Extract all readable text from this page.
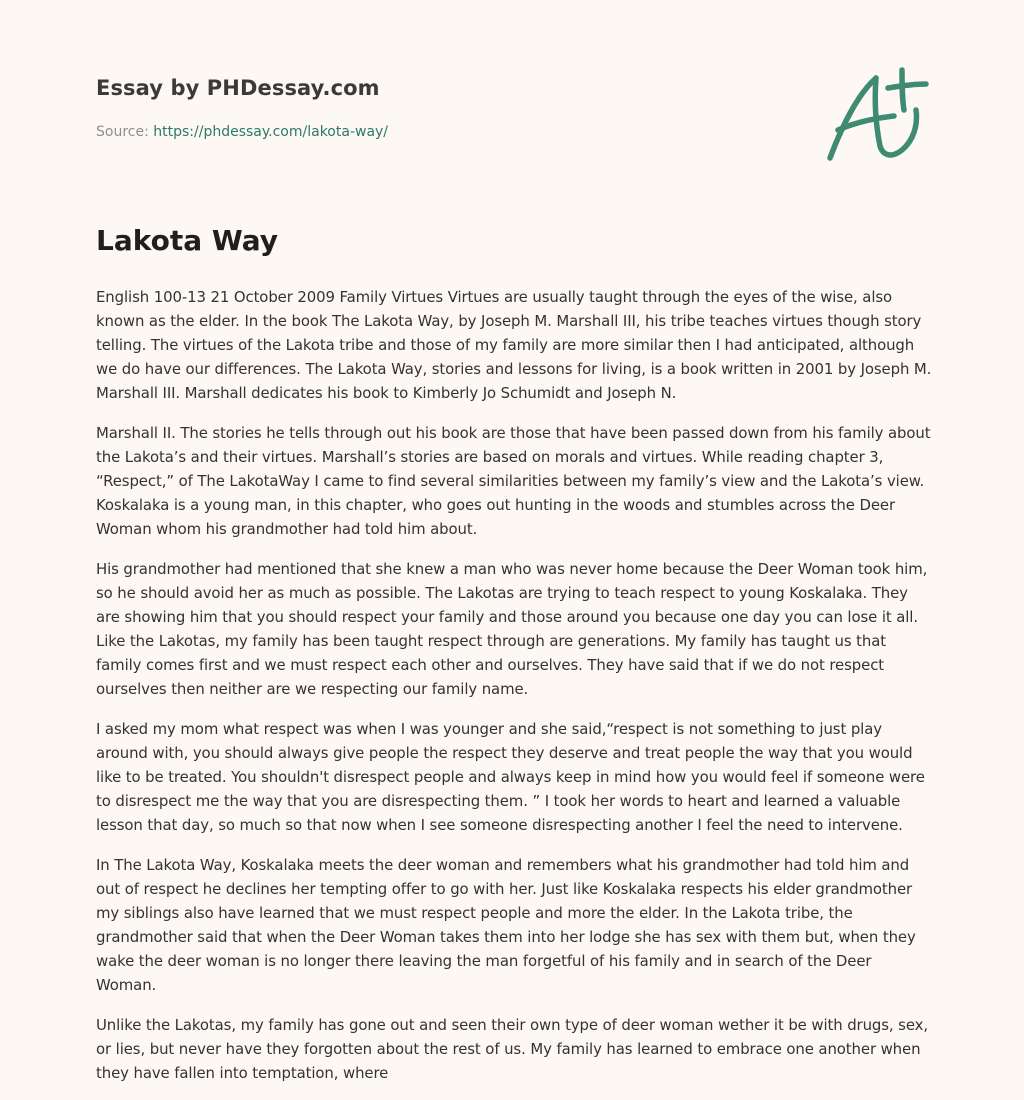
Essay by PHDessay.com
Source: https://phdessay.com/lakota-way/
Lakota Way

English 100-13 21 October 2009 Family Virtues Virtues are usually taught through the eyes of the wise, also known as the elder. In the book The Lakota Way, by Joseph M. Marshall III, his tribe teaches virtues though story telling. The virtues of the Lakota tribe and those of my family are more similar then I had anticipated, although we do have our differences. The Lakota Way, stories and lessons for living, is a book written in 2001 by Joseph M. Marshall III. Marshall dedicates his book to Kimberly Jo Schumidt and Joseph N.

Marshall II. The stories he tells through out his book are those that have been passed down from his family about the Lakota’s and their virtues. Marshall’s stories are based on morals and virtues. While reading chapter 3, “Respect,” of The LakotaWay I came to find several similarities between my family’s view and the Lakota’s view. Koskalaka is a young man, in this chapter, who goes out hunting in the woods and stumbles across the Deer Woman whom his grandmother had told him about.

His grandmother had mentioned that she knew a man who was never home because the Deer Woman took him, so he should avoid her as much as possible. The Lakotas are trying to teach respect to young Koskalaka. They are showing him that you should respect your family and those around you because one day you can lose it all. Like the Lakotas, my family has been taught respect through are generations. My family has taught us that family comes first and we must respect each other and ourselves. They have said that if we do not respect ourselves then neither are we respecting our family name.

I asked my mom what respect was when I was younger and she said,“respect is not something to just play around with, you should always give people the respect they deserve and treat people the way that you would like to be treated. You shouldn't disrespect people and always keep in mind how you would feel if someone were to disrespect me the way that you are disrespecting them. ” I took her words to heart and learned a valuable lesson that day, so much so that now when I see someone disrespecting another I feel the need to intervene.

In The Lakota Way, Koskalaka meets the deer woman and remembers what his grandmother had told him and out of respect he declines her tempting offer to go with her. Just like Koskalaka respects his elder grandmother my siblings also have learned that we must respect people and more the elder. In the Lakota tribe, the grandmother said that when the Deer Woman takes them into her lodge she has sex with them but, when they wake the deer woman is no longer there leaving the man forgetful of his family and in search of the Deer Woman.

Unlike the Lakotas, my family has gone out and seen their own type of deer woman wether it be with drugs, sex, or lies, but never have they forgotten about the rest of us. My family has learned to embrace one another when they have fallen into temptation, where
